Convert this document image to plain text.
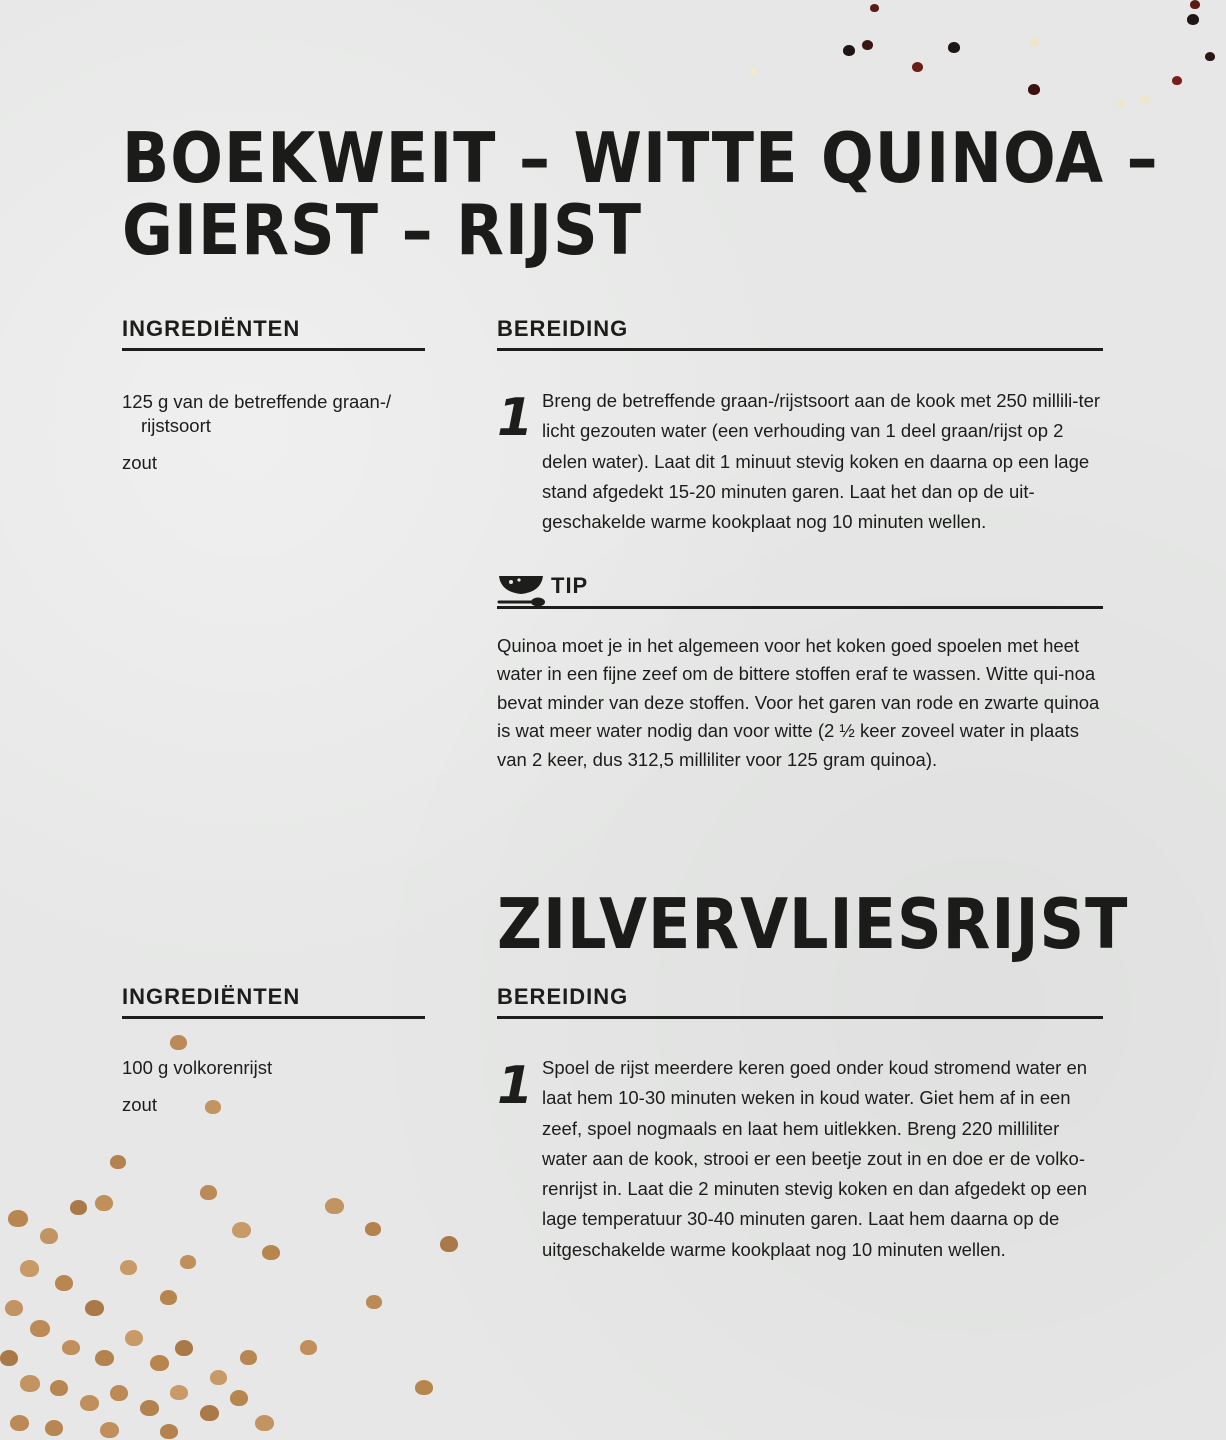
BOEKWEIT – WITTE QUINOA –
GIERST – RIJST
INGREDIËNTEN
125 g van de betreffende graan-/
rijstsoort
zout
BEREIDING
1 Breng de betreffende graan-/rijstsoort aan de kook met 250 millili-ter licht gezouten water (een verhouding van 1 deel graan/rijst op 2 delen water). Laat dit 1 minuut stevig koken en daarna op een lage stand afgedekt 15-20 minuten garen. Laat het dan op de uit-geschakelde warme kookplaat nog 10 minuten wellen.
TIP
Quinoa moet je in het algemeen voor het koken goed spoelen met heet water in een fijne zeef om de bittere stoffen eraf te wassen. Witte qui-noa bevat minder van deze stoffen. Voor het garen van rode en zwarte quinoa is wat meer water nodig dan voor witte (2 ½ keer zoveel water in plaats van 2 keer, dus 312,5 milliliter voor 125 gram quinoa).
ZILVERVLIESRIJST
INGREDIËNTEN
100 g volkorenrijst
zout
BEREIDING
1 Spoel de rijst meerdere keren goed onder koud stromend water en laat hem 10-30 minuten weken in koud water. Giet hem af in een zeef, spoel nogmaals en laat hem uitlekken. Breng 220 milliliter water aan de kook, strooi er een beetje zout in en doe er de volko-renrijst in. Laat die 2 minuten stevig koken en dan afgedekt op een lage temperatuur 30-40 minuten garen. Laat hem daarna op de uitgeschakelde warme kookplaat nog 10 minuten wellen.
